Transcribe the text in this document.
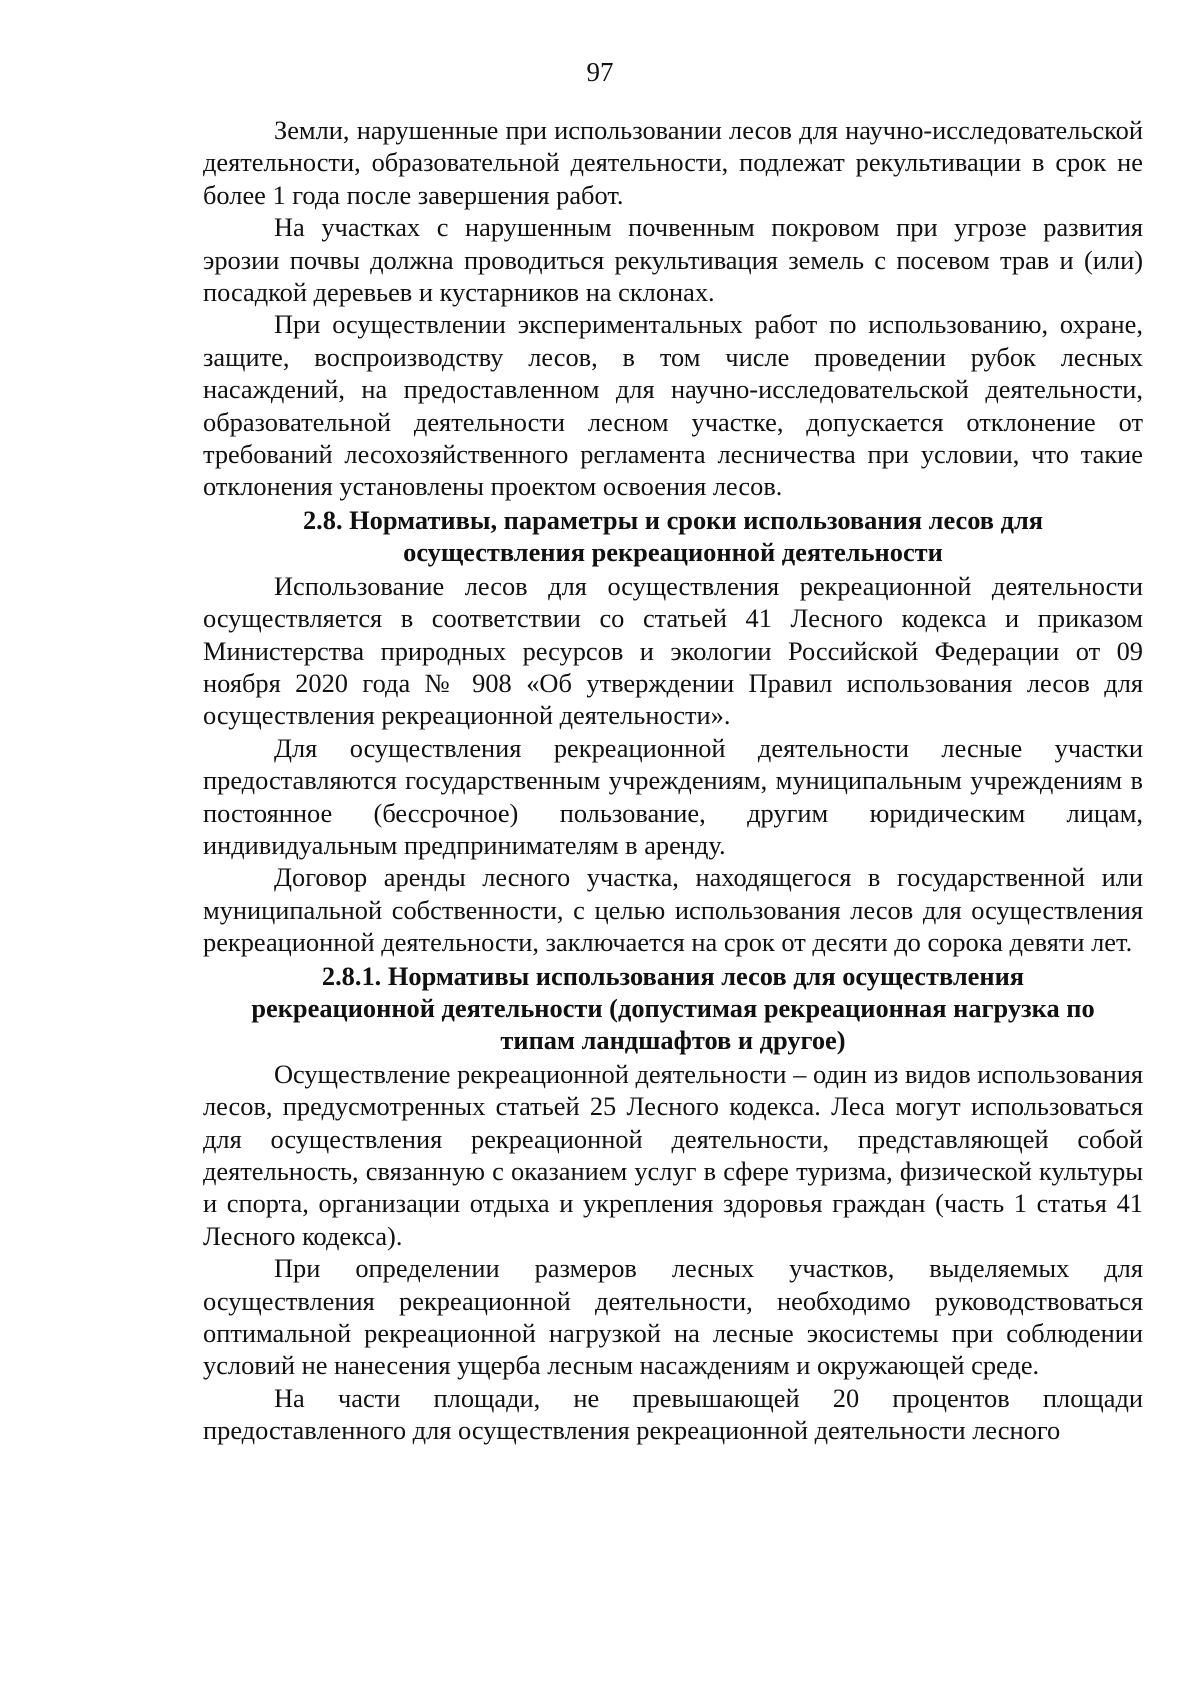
97

Земли, нарушенные при использовании лесов для научно-исследовательской деятельности, образовательной деятельности, подлежат рекультивации в срок не более 1 года после завершения работ.

На участках с нарушенным почвенным покровом при угрозе развития эрозии почвы должна проводиться рекультивация земель с посевом трав и (или) посадкой деревьев и кустарников на склонах.

При осуществлении экспериментальных работ по использованию, охране, защите, воспроизводству лесов, в том числе проведении рубок лесных насаждений, на предоставленном для научно-исследовательской деятельности, образовательной деятельности лесном участке, допускается отклонение от требований лесохозяйственного регламента лесничества при условии, что такие отклонения установлены проектом освоения лесов.

2.8. Нормативы, параметры и сроки использования лесов для
осуществления рекреационной деятельности

Использование лесов для осуществления рекреационной деятельности осуществляется в соответствии со статьей 41 Лесного кодекса и приказом Министерства природных ресурсов и экологии Российской Федерации от 09 ноября 2020 года № 908 «Об утверждении Правил использования лесов для осуществления рекреационной деятельности».

Для осуществления рекреационной деятельности лесные участки предоставляются государственным учреждениям, муниципальным учреждениям в постоянное (бессрочное) пользование, другим юридическим лицам, индивидуальным предпринимателям в аренду.

Договор аренды лесного участка, находящегося в государственной или муниципальной собственности, с целью использования лесов для осуществления рекреационной деятельности, заключается на срок от десяти до сорока девяти лет.

2.8.1. Нормативы использования лесов для осуществления
рекреационной деятельности (допустимая рекреационная нагрузка по
типам ландшафтов и другое)

Осуществление рекреационной деятельности – один из видов использования лесов, предусмотренных статьей 25 Лесного кодекса. Леса могут использоваться для осуществления рекреационной деятельности, представляющей собой деятельность, связанную с оказанием услуг в сфере туризма, физической культуры и спорта, организации отдыха и укрепления здоровья граждан (часть 1 статья 41 Лесного кодекса).

При определении размеров лесных участков, выделяемых для осуществления рекреационной деятельности, необходимо руководствоваться оптимальной рекреационной нагрузкой на лесные экосистемы при соблюдении условий не нанесения ущерба лесным насаждениям и окружающей среде.

На части площади, не превышающей 20 процентов площади предоставленного для осуществления рекреационной деятельности лесного
